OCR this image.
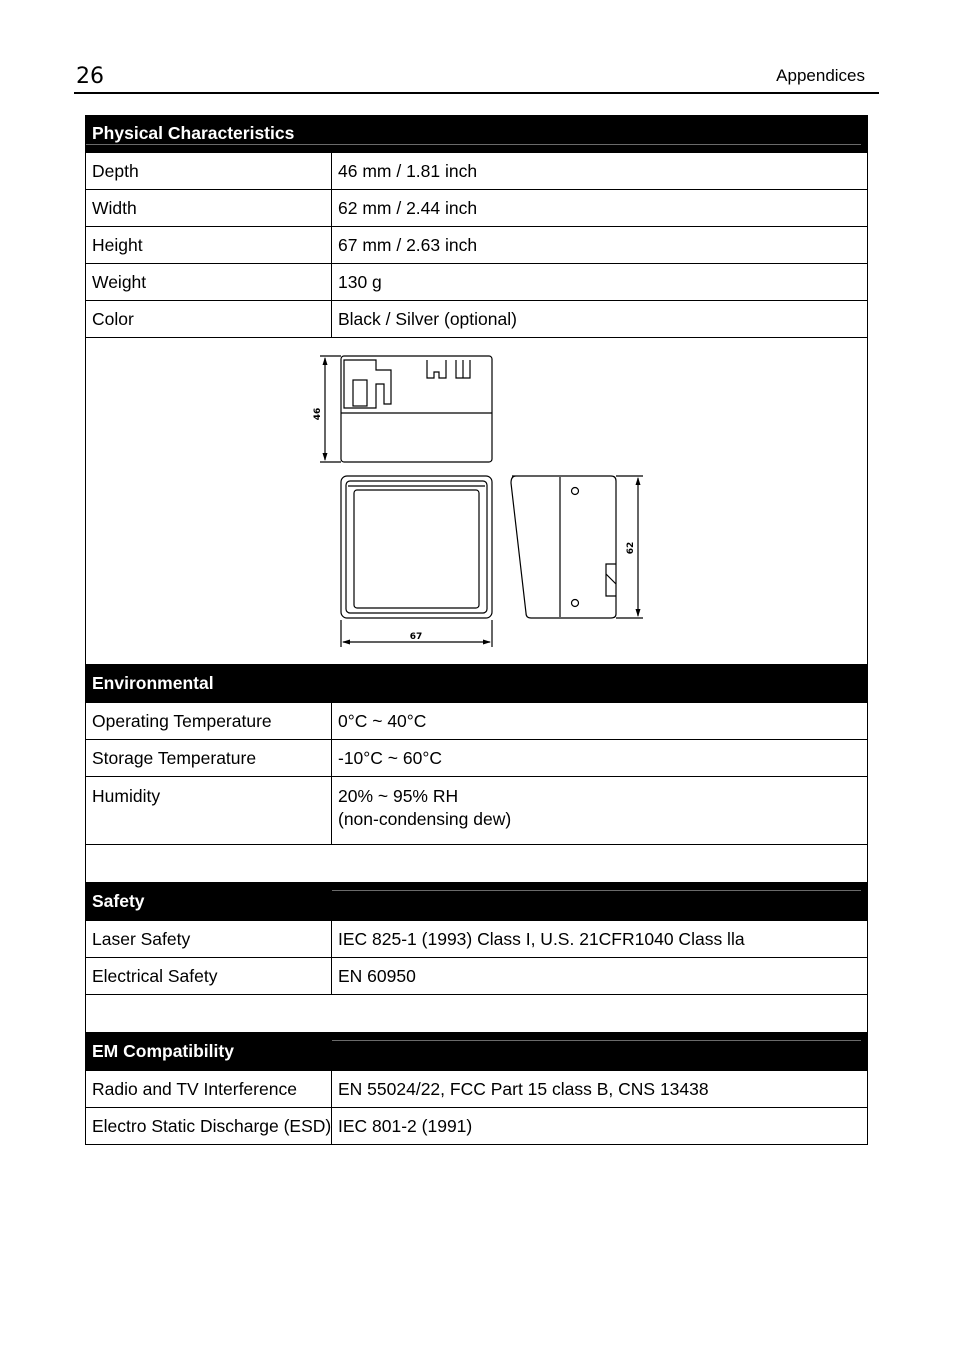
26	Appendices
Physical Characteristics	

Depth	46 mm / 1.81 inch
Width	62 mm / 2.44 inch
Height	67 mm / 2.63 inch
Weight	130 g
Color	Black / Silver (optional)

46
67
62	

Environmental	
Operating Temperature	0°C ~ 40°C
Storage Temperature	-10°C ~ 60°C
Humidity	20% ~ 95% RH
(non-condensing dew)

Safety	

Laser Safety	IEC 825-1 (1993) Class I, U.S. 21CFR1040 Class lla
Electrical Safety	EN 60950

EM Compatibility	

Radio and TV Interference	EN 55024/22, FCC Part 15 class B, CNS 13438
Electro Static Discharge (ESD)	IEC 801-2 (1991)
